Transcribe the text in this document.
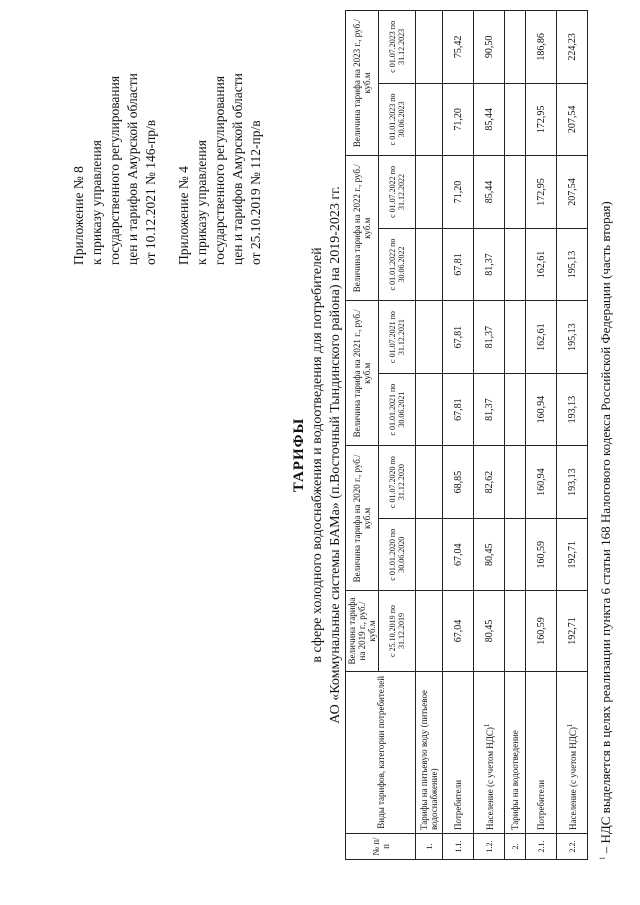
Приложение № 8 к приказу управления государственного регулирования цен и тарифов Амурской области от 10.12.2021 № 146-пр/в Приложение № 4 к приказу управления государственного регулирования цен и тарифов Амурской области от 25.10.2019 № 112-пр/в
ТАРИФЫ в сфере холодного водоснабжения и водоотведения для потребителей АО «Коммунальные системы БАМа» (п.Восточный Тындинского района) на 2019-2023 гг.
№ п/п	Виды тарифов, категории потребителей	Величина тарифа на 2019 г., руб./куб.м	Величина тарифа на 2020 г., руб./куб.м		Величина тарифа на 2021 г., руб./куб.м		Величина тарифа на 2022 г., руб./куб.м		Величина тарифа на 2023 г., руб./куб.м	
		с 25.10.2019 по 31.12.2019	с 01.01.2020 по 30.06.2020	с 01.07.2020 по 31.12.2020	с 01.01.2021 по 30.06.2021	с 01.07.2021 по 31.12.2021	с 01.01.2022 по 30.06.2022	с 01.07.2022 по 31.12.2022	с 01.01.2023 по 30.06.2023	с 01.07.2023 по 31.12.2023
1.	Тарифы на питьевую воду (питьевое водоснабжение)									
1.1.	Потребители	67,04	67,04	68,85	67,81	67,81	67,81	71,20	71,20	75,42
1.2.	Население (с учетом НДС)$^1$	80,45	80,45	82,62	81,37	81,37	81,37	85,44	85,44	90,50
2.	Тарифы на водоотведение									
2.1.	Потребители	160,59	160,59	160,94	160,94	162,61	162,61	172,95	172,95	186,86
2.2.	Население (с учетом НДС)$^1$	192,71	192,71	193,13	193,13	195,13	195,13	207,54	207,54	224,23
$^1$ – НДС выделяется в целях реализации пункта 6 статьи 168 Налогового кодекса Российской Федерации (часть вторая)
